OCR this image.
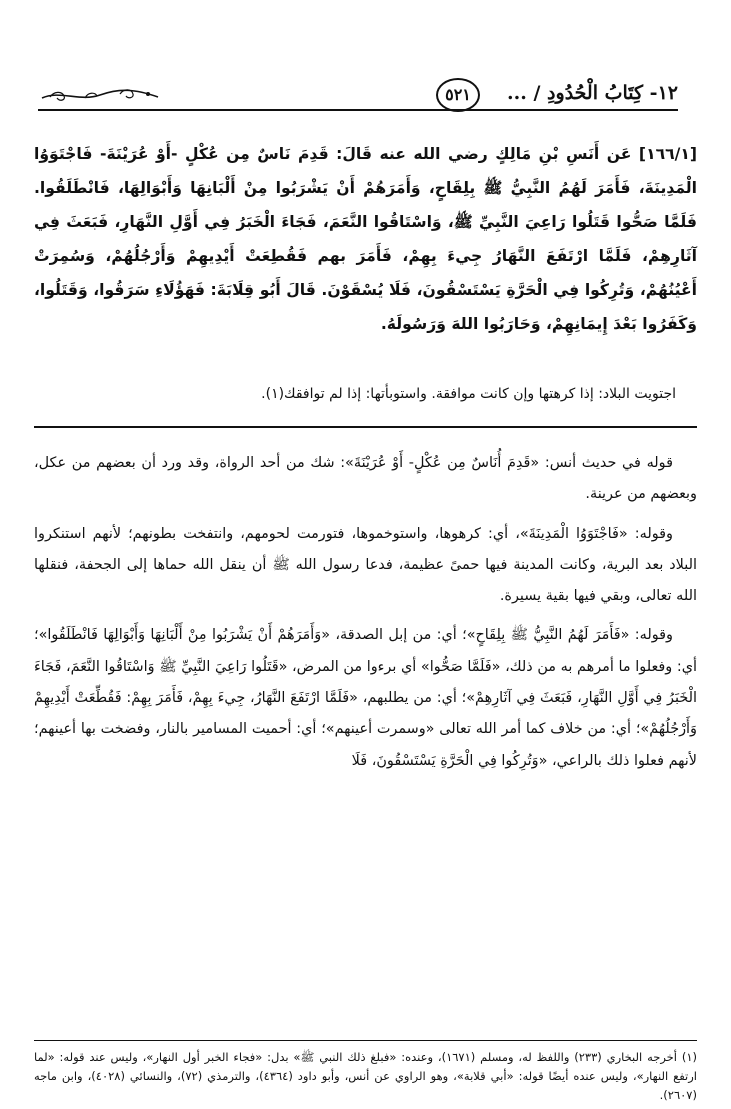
١٢- كِتَابُ الْحُدُودِ / ...
٥٢١

[١٦٦/١] عَن أَنَسِ بْنِ مَالِكٍ رضي الله عنه قَالَ: قَدِمَ نَاسٌ مِن عُكْلٍ -أَوْ عُرَيْنَةَ- فَاجْتَوَوُا الْمَدِينَةَ، فَأَمَرَ لَهُمُ النَّبِيُّ ﷺ بِلِقَاحٍ، وَأَمَرَهُمْ أَنْ يَشْرَبُوا مِنْ أَلْبَانِهَا وَأَبْوَالِهَا، فَانْطَلَقُوا. فَلَمَّا صَحُّوا قَتَلُوا رَاعِيَ النَّبِيِّ ﷺ، وَاسْتَاقُوا النَّعَمَ، فَجَاءَ الْخَبَرُ فِي أَوَّلِ النَّهَارِ، فَبَعَثَ فِي آثَارِهِمْ، فَلَمَّا ارْتَفَعَ النَّهَارُ جِيءَ بِهِمْ، فَأَمَرَ بهم فَقُطِعَتْ أَيْدِيهِمْ وَأَرْجُلُهُمْ، وَسُمِرَتْ أَعْيُنُهُمْ، وَتُرِكُوا فِي الْحَرَّةِ يَسْتَسْقُونَ، فَلَا يُسْقَوْنَ. قَالَ أَبُو قِلَابَةَ: فَهَؤُلَاءِ سَرَقُوا، وَقَتَلُوا، وَكَفَرُوا بَعْدَ إِيمَانِهِمْ، وَحَارَبُوا اللهَ وَرَسُولَهُ.

اجتويت البلاد: إذا كرهتها وإن كانت موافقة. واستوبأتها: إذا لم توافقك(١).

قوله في حديث أنس: «قَدِمَ أُنَاسٌ مِن عُكْلٍ- أَوْ عُرَيْنَةَ»: شك من أحد الرواة، وقد ورد أن بعضهم من عكل، وبعضهم من عرينة.

وقوله: «فَاجْتَوَوُا الْمَدِينَةَ»، أي: كرهوها، واستوخموها، فتورمت لحومهم، وانتفخت بطونهم؛ لأنهم استنكروا البلاد بعد البرية، وكانت المدينة فيها حمىً عظيمة، فدعا رسول الله ﷺ أن ينقل الله حماها إلى الجحفة، فنقلها الله تعالى، وبقي فيها بقية يسيرة.

وقوله: «فَأَمَرَ لَهُمُ النَّبِيُّ ﷺ بِلِقَاحٍ»؛ أي: من إبل الصدقة، «وَأَمَرَهُمْ أَنْ يَشْرَبُوا مِنْ أَلْبَانِهَا وَأَبْوَالِهَا فَانْطَلَقُوا»؛ أي: وفعلوا ما أمرهم به من ذلك، «فَلَمَّا صَحُّوا» أي برءوا من المرض، «قَتَلُوا رَاعِيَ النَّبِيِّ ﷺ وَاسْتَاقُوا النَّعَمَ، فَجَاءَ الْخَبَرُ فِي أَوَّلِ النَّهَارِ، فَبَعَثَ فِي آثَارِهِمْ»؛ أي: من يطلبهم، «فَلَمَّا ارْتَفَعَ النَّهَارُ، جِيءَ بِهِمْ، فَأَمَرَ بِهِمْ: فَقُطِّعَتْ أَيْدِيهِمْ وَأَرْجُلُهُمْ»؛ أي: من خلاف كما أمر الله تعالى «وسمرت أعينهم»؛ أي: أحميت المسامير بالنار، وفضخت بها أعينهم؛ لأنهم فعلوا ذلك بالراعي، «وَتُرِكُوا فِي الْحَرَّةِ يَسْتَسْقُونَ، فَلَا

(١) أخرجه البخاري (٢٣٣) واللفظ له، ومسلم (١٦٧١)، وعنده: «فبلغ ذلك النبي ﷺ» بدل: «فجاء الخبر أول النهار»، وليس عند قوله: «لما ارتفع النهار»، وليس عنده أيضًا قوله: «أبي قلابة»، وهو الراوي عن أنس، وأبو داود (٤٣٦٤)، والترمذي (٧٢)، والنسائي (٤٠٢٨)، وابن ماجه (٢٦٠٧).
